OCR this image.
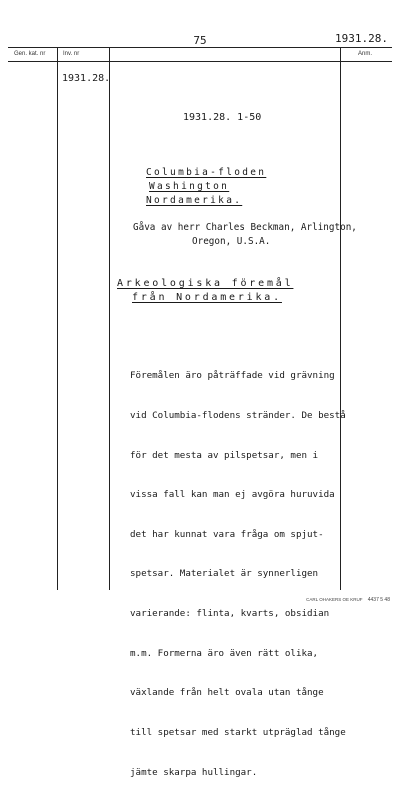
75	1931.28.
Gen. kat. nr	Inv. nr	Anm.
1931.28.
1931.28. 1-50
Columbia-floden
Washington
Nordamerika.
Gåva av herr Charles Beckman, Arlington,
Oregon, U.S.A.
Arkeologiska föremål
från Nordamerika.

Föremålen äro påträffade vid grävning

vid Columbia-flodens stränder. De bestå

för det mesta av pilspetsar, men i

vissa fall kan man ej avgöra huruvida

det har kunnat vara fråga om spjut-

spetsar. Materialet är synnerligen

varierande: flinta, kvarts, obsidian

m.m. Formerna äro även rätt olika,

växlande från helt ovala utan tånge

till spetsar med starkt utpräglad tånge

jämte skarpa hullingar.

CARL OHAKERS OE KRUF 4437 5 48
